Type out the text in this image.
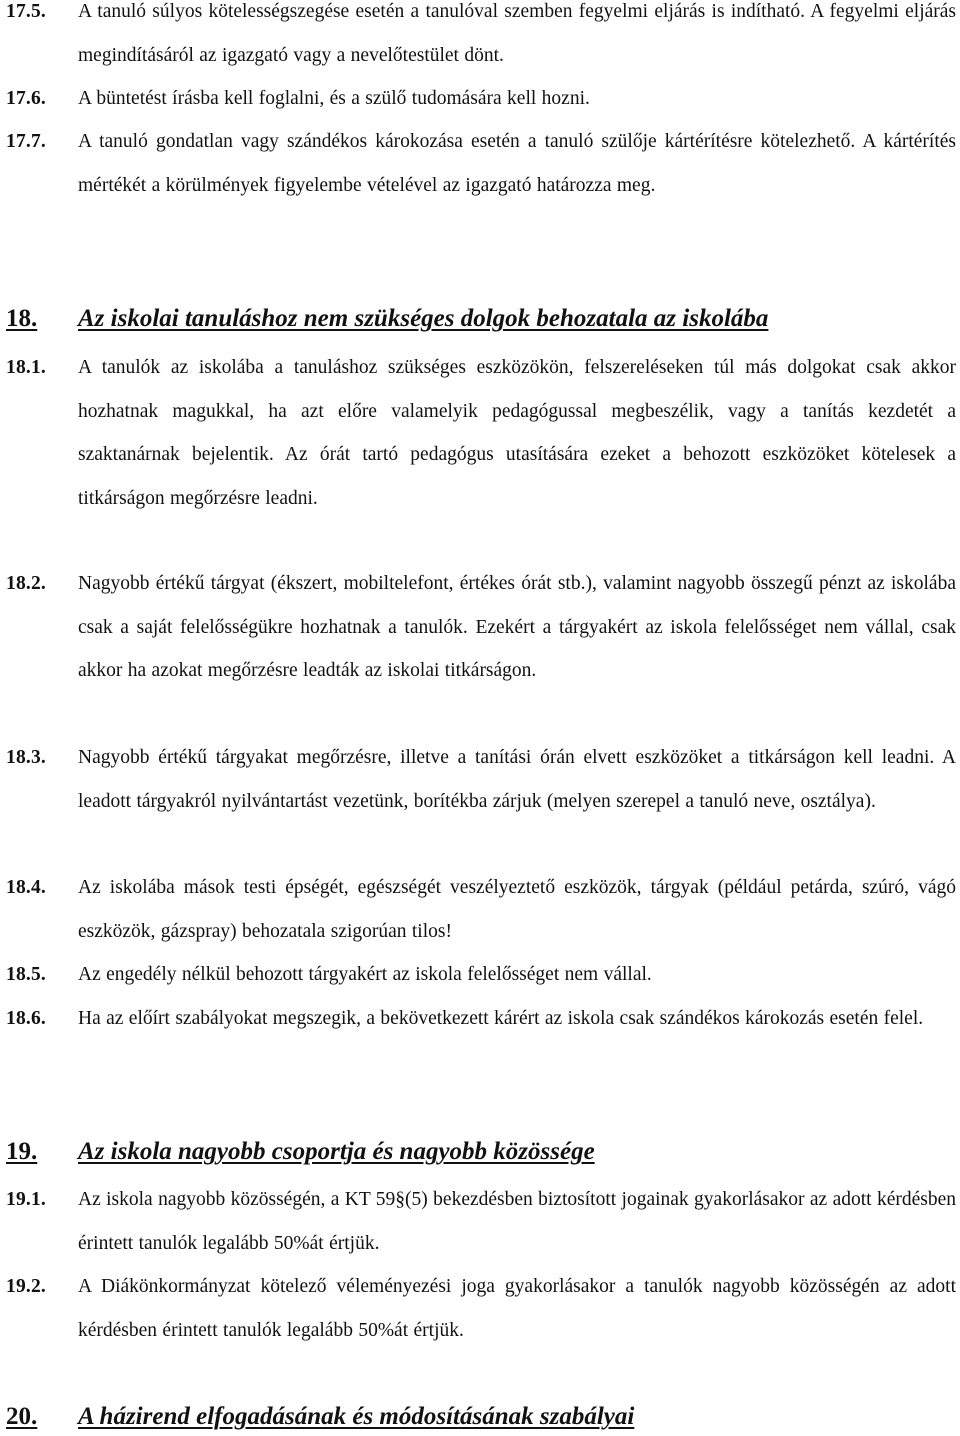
17.5. A tanuló súlyos kötelességszegése esetén a tanulóval szemben fegyelmi eljárás is indítható. A fegyelmi eljárás megindításáról az igazgató vagy a nevelőtestület dönt.
17.6. A büntetést írásba kell foglalni, és a szülő tudomására kell hozni.
17.7. A tanuló gondatlan vagy szándékos károkozása esetén a tanuló szülője kártérítésre kötelezhető. A kártérítés mértékét a körülmények figyelembe vételével az igazgató határozza meg.
18. Az iskolai tanuláshoz nem szükséges dolgok behozatala az iskolába
18.1. A tanulók az iskolába a tanuláshoz szükséges eszközökön, felszereléseken túl más dolgokat csak akkor hozhatnak magukkal, ha azt előre valamelyik pedagógussal megbeszélik, vagy a tanítás kezdetét a szaktanárnak bejelentik. Az órát tartó pedagógus utasítására ezeket a behozott eszközöket kötelesek a titkárságon megőrzésre leadni.
18.2. Nagyobb értékű tárgyat (ékszert, mobiltelefont, értékes órát stb.), valamint nagyobb összegű pénzt az iskolába csak a saját felelősségükre hozhatnak a tanulók. Ezekért a tárgyakért az iskola felelősséget nem vállal, csak akkor ha azokat megőrzésre leadták az iskolai titkárságon.
18.3. Nagyobb értékű tárgyakat megőrzésre, illetve a tanítási órán elvett eszközöket a titkárságon kell leadni. A leadott tárgyakról nyilvántartást vezetünk, borítékba zárjuk (melyen szerepel a tanuló neve, osztálya).
18.4. Az iskolába mások testi épségét, egészségét veszélyeztető eszközök, tárgyak (például petárda, szúró, vágó eszközök, gázspray) behozatala szigorúan tilos!
18.5. Az engedély nélkül behozott tárgyakért az iskola felelősséget nem vállal.
18.6. Ha az előírt szabályokat megszegik, a bekövetkezett kárért az iskola csak szándékos károkozás esetén felel.
19. Az iskola nagyobb csoportja és nagyobb közössége
19.1. Az iskola nagyobb közösségén, a KT 59§(5) bekezdésben biztosított jogainak gyakorlásakor az adott kérdésben érintett tanulók legalább 50%át értjük.
19.2. A Diákönkormányzat kötelező véleményezési joga gyakorlásakor a tanulók nagyobb közösségén az adott kérdésben érintett tanulók legalább 50%át értjük.
20. A házirend elfogadásának és módosításának szabályai
